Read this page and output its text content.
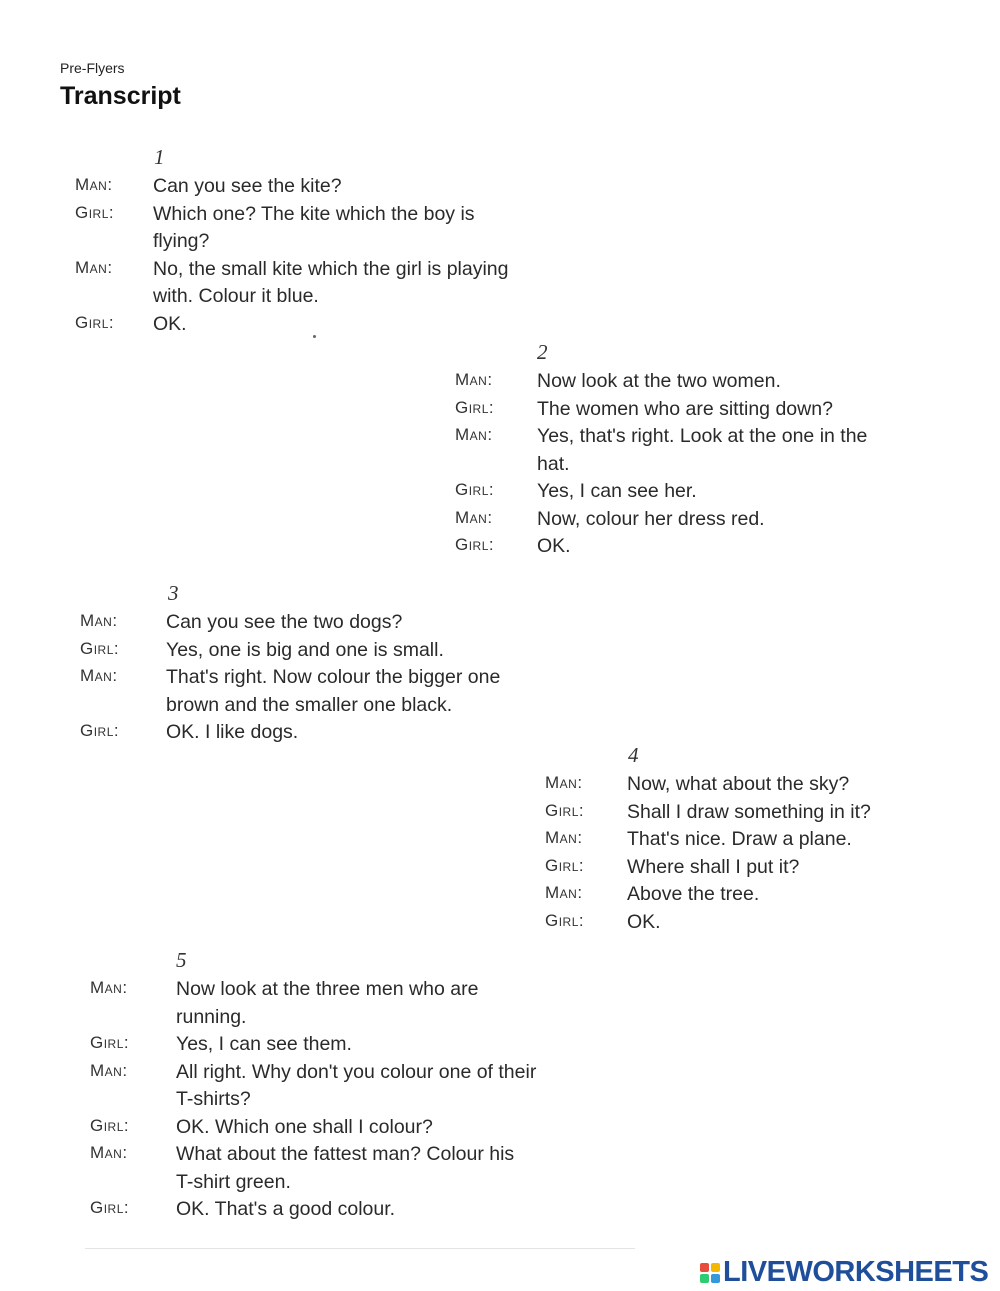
Pre-Flyers
Transcript
1
Man:	Can you see the kite?
Girl:	Which one? The kite which the boy is
flying?
Man:	No, the small kite which the girl is playing
with. Colour it blue.
Girl:	OK.
2
Man:	Now look at the two women.
Girl:	The women who are sitting down?
Man:	Yes, that's right. Look at the one in the
hat.
Girl:	Yes, I can see her.
Man:	Now, colour her dress red.
Girl:	OK.
3
Man:	Can you see the two dogs?
Girl:	Yes, one is big and one is small.
Man:	That's right. Now colour the bigger one
brown and the smaller one black.
Girl:	OK. I like dogs.
4
Man:	Now, what about the sky?
Girl:	Shall I draw something in it?
Man:	That's nice. Draw a plane.
Girl:	Where shall I put it?
Man:	Above the tree.
Girl:	OK.
5
Man:	Now look at the three men who are
running.
Girl:	Yes, I can see them.
Man:	All right. Why don't you colour one of their
T-shirts?
Girl:	OK. Which one shall I colour?
Man:	What about the fattest man? Colour his
T-shirt green.
Girl:	OK. That's a good colour.
LIVEWORKSHEETS
